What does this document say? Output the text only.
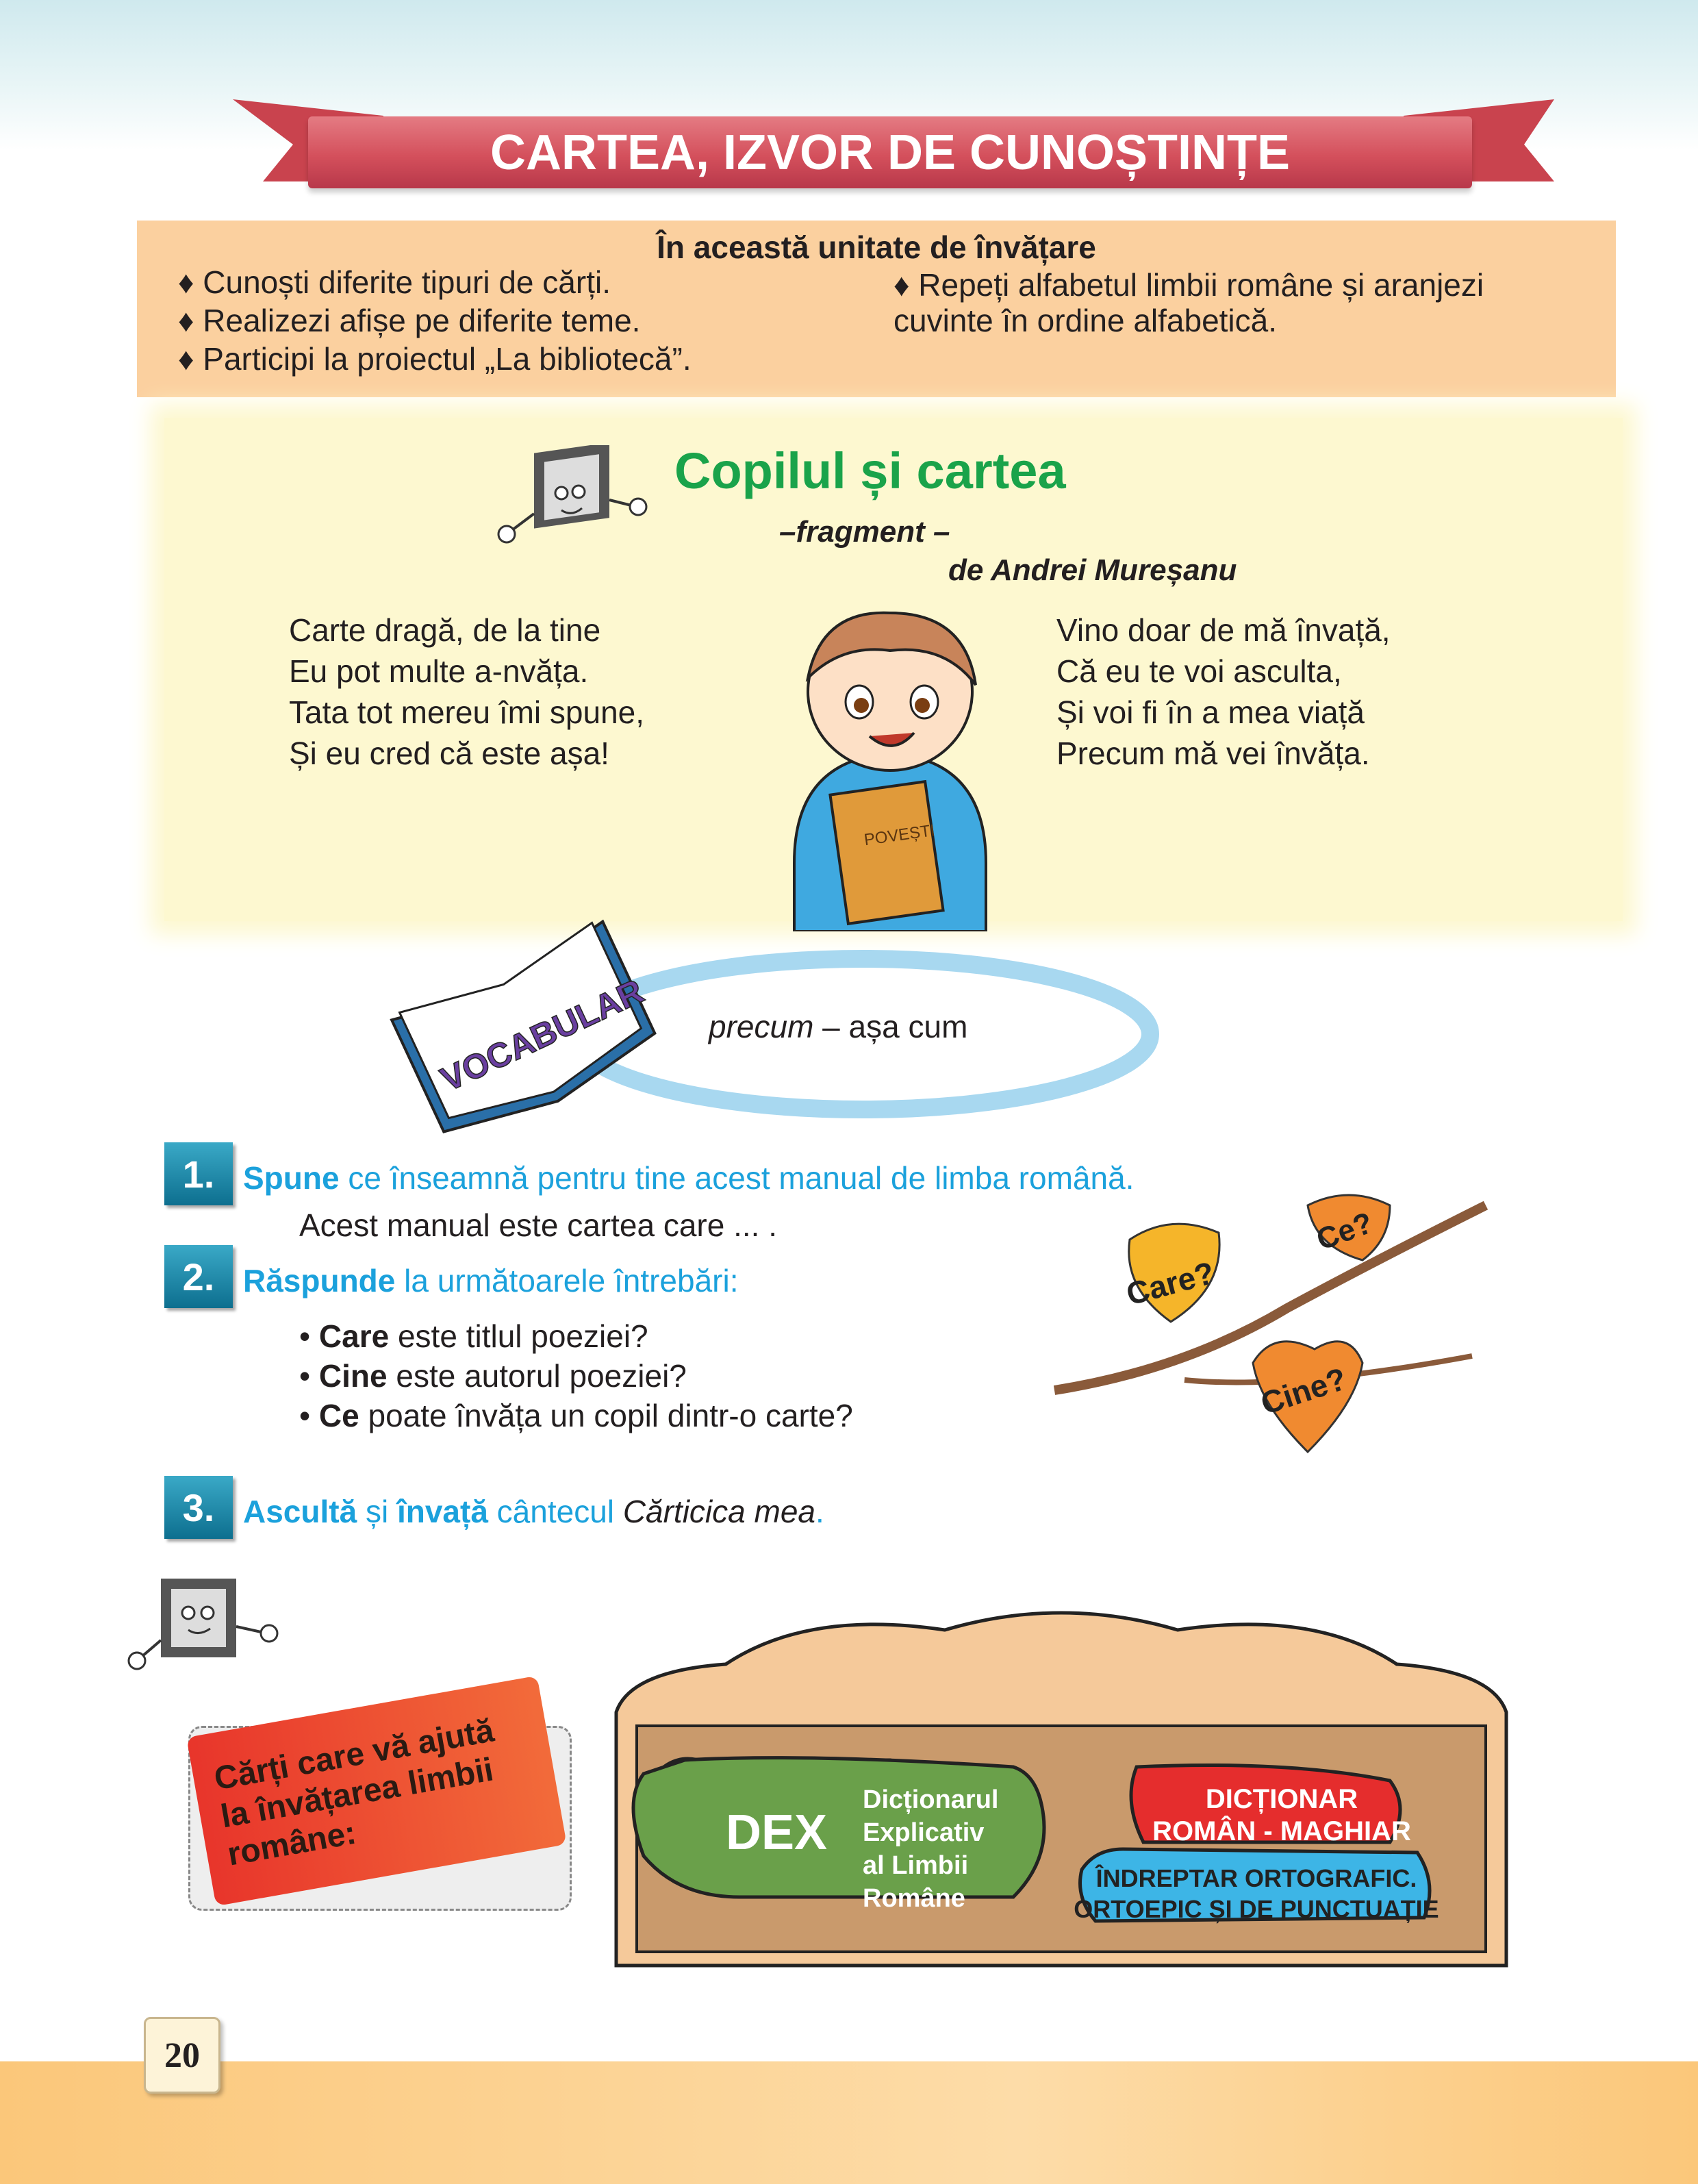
CARTEA, IZVOR DE CUNOȘTINȚE
În această unitate de învățare
♦ Cunoști diferite tipuri de cărți.
♦ Realizezi afișe pe diferite teme.
♦ Participi la proiectul „La bibliotecă”.
♦ Repeți alfabetul limbii române și aranjezi cuvinte în ordine alfabetică.
Copilul și cartea
–fragment –
de Andrei Mureșanu
Carte dragă, de la tine
Eu pot multe a-nvăța.
Tata tot mereu îmi spune,
Și eu cred că este așa!
Vino doar de mă învață,
Că eu te voi asculta,
Și voi fi în a mea viață
Precum mă vei învăța.
POVEȘTI
VOCABULAR precum – așa cum
1. Spune ce înseamnă pentru tine acest manual de limba română.
Acest manual este cartea care ... .
2. Răspunde la următoarele întrebări:
• Care este titlul poeziei?
• Cine este autorul poeziei?
• Ce poate învăța un copil dintr-o carte?
3. Ascultă și învață cântecul Cărticica mea.
Care?
Ce?
Cine?
Cărți care vă ajută la învățarea limbii române:	DEX
Dicționarul
Explicativ
al Limbii
Române
DICȚIONAR
ROMÂN - MAGHIAR
ÎNDREPTAR ORTOGRAFIC.
ORTOEPIC ȘI DE PUNCTUAȚIE
20
